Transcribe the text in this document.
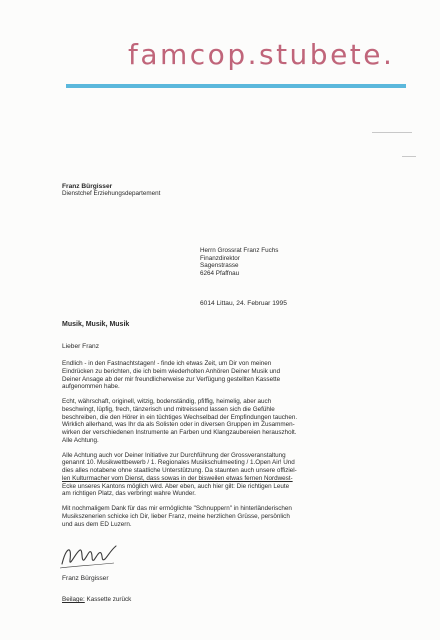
famcop.stubete.
Franz Bürgisser
Dienstchef Erziehungsdepartement
Herrn Grossrat Franz Fuchs
Finanzdirektor
Sagenstrasse
6264 Pfaffnau
6014 Littau, 24. Februar 1995
Musik, Musik, Musik
Lieber Franz

Endlich - in den Fastnachtstagen! - finde ich etwas Zeit, um Dir von meinen
Eindrücken zu berichten, die ich beim wiederholten Anhören Deiner Musik und
Deiner Ansage ab der mir freundlicherweise zur Verfügung gestellten Kassette
aufgenommen habe.

Echt, währschaft, originell, witzig, bodenständig, pfiffig, heimelig, aber auch
beschwingt, lüpfig, frech, tänzerisch und mitreissend lassen sich die Gefühle
beschreiben, die den Hörer in ein tüchtiges Wechselbad der Empfindungen tauchen.
Wirklich allerhand, was Ihr da als Solisten oder in diversen Gruppen im Zusammen-
wirken der verschiedenen Instrumente an Farben und Klangzaubereien herauszholt.
Alle Achtung.

Alle Achtung auch vor Deiner Initiative zur Durchführung der Grossveranstaltung
genannt 10. Musikwettbewerb / 1. Regionales Musikschulmeeting / 1.Open Air! Und
dies alles notabene ohne staatliche Unterstützung. Da staunten auch unsere offiziel-
len Kulturmacher vom Dienst, dass sowas in der bisweilen etwas fernen Nordwest-
Ecke unseres Kantons möglich wird. Aber eben, auch hier gilt: Die richtigen Leute
am richtigen Platz, das verbringt wahre Wunder.

Mit nochmaligem Dank für das mir ermöglichte "Schnuppern" in hinterländerischen
Musikszenerien schicke ich Dir, lieber Franz, meine herzlichen Grüsse, persönlich
und aus dem ED Luzern.

Franz Bürgisser
Beilage: Kassette zurück
